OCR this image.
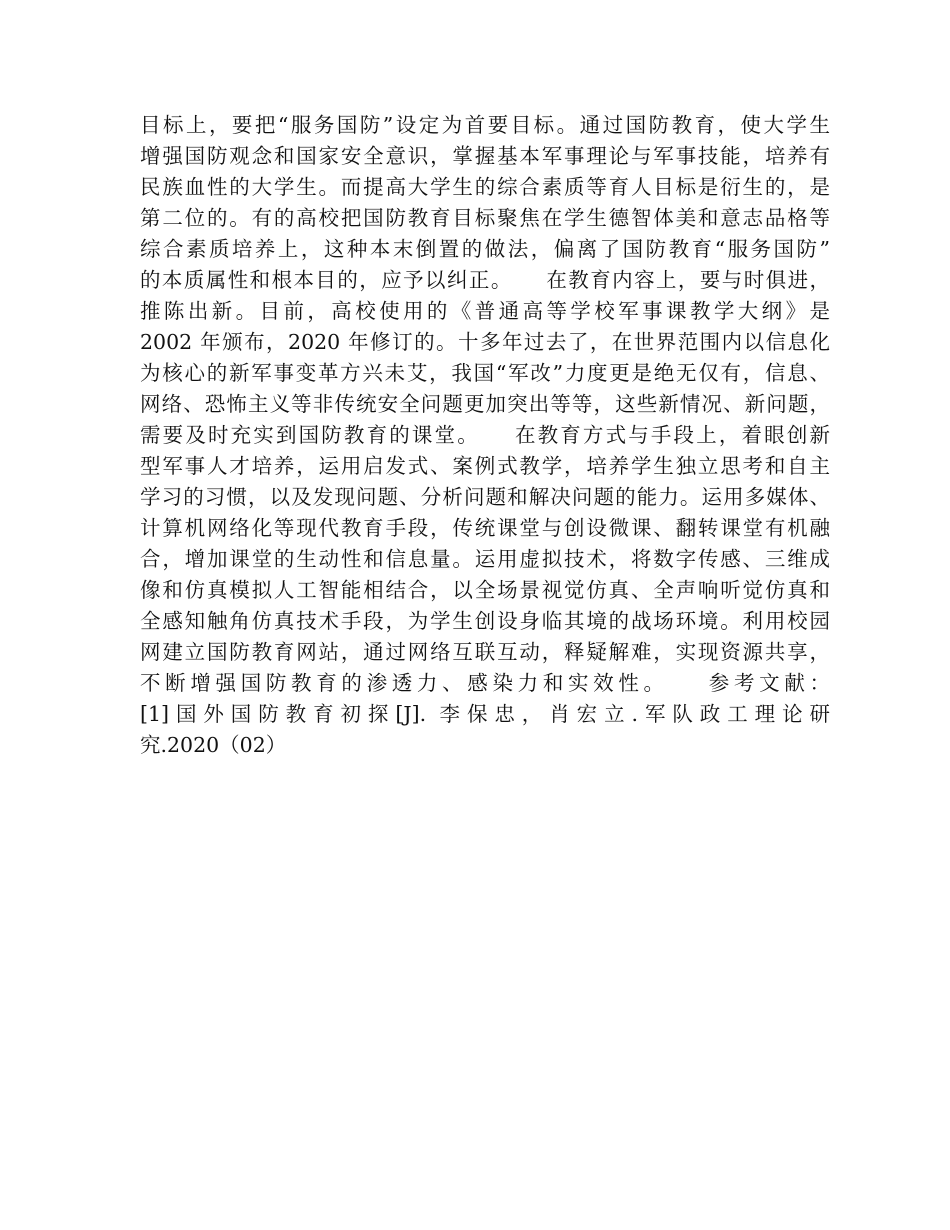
目标上，要把“服务国防”设定为首要目标。通过国防教育，使大学生
增强国防观念和国家安全意识，掌握基本军事理论与军事技能，培养有
民族血性的大学生。而提高大学生的综合素质等育人目标是衍生的，是
第二位的。有的高校把国防教育目标聚焦在学生德智体美和意志品格等
综合素质培养上，这种本末倒置的做法，偏离了国防教育“服务国防”
的本质属性和根本目的，应予以纠正。　　在教育内容上，要与时俱进，
推陈出新。目前，高校使用的《普通高等学校军事课教学大纲》是
2002 年颁布，2020 年修订的。十多年过去了，在世界范围内以信息化
为核心的新军事变革方兴未艾，我国“军改”力度更是绝无仅有，信息、
网络、恐怖主义等非传统安全问题更加突出等等，这些新情况、新问题，
需要及时充实到国防教育的课堂。　　在教育方式与手段上，着眼创新
型军事人才培养，运用启发式、案例式教学，培养学生独立思考和自主
学习的习惯，以及发现问题、分析问题和解决问题的能力。运用多媒体、
计算机网络化等现代教育手段，传统课堂与创设微课、翻转课堂有机融
合，增加课堂的生动性和信息量。运用虚拟技术，将数字传感、三维成
像和仿真模拟人工智能相结合，以全场景视觉仿真、全声响听觉仿真和
全感知触角仿真技术手段，为学生创设身临其境的战场环境。利用校园
网建立国防教育网站，通过网络互联互动，释疑解难，实现资源共享，
不断增强国防教育的渗透力、感染力和实效性。　　参考文献：
[1]国外国防教育初探[J]. 李保忠，肖宏立.军队政工理论研
究.2020（02）
